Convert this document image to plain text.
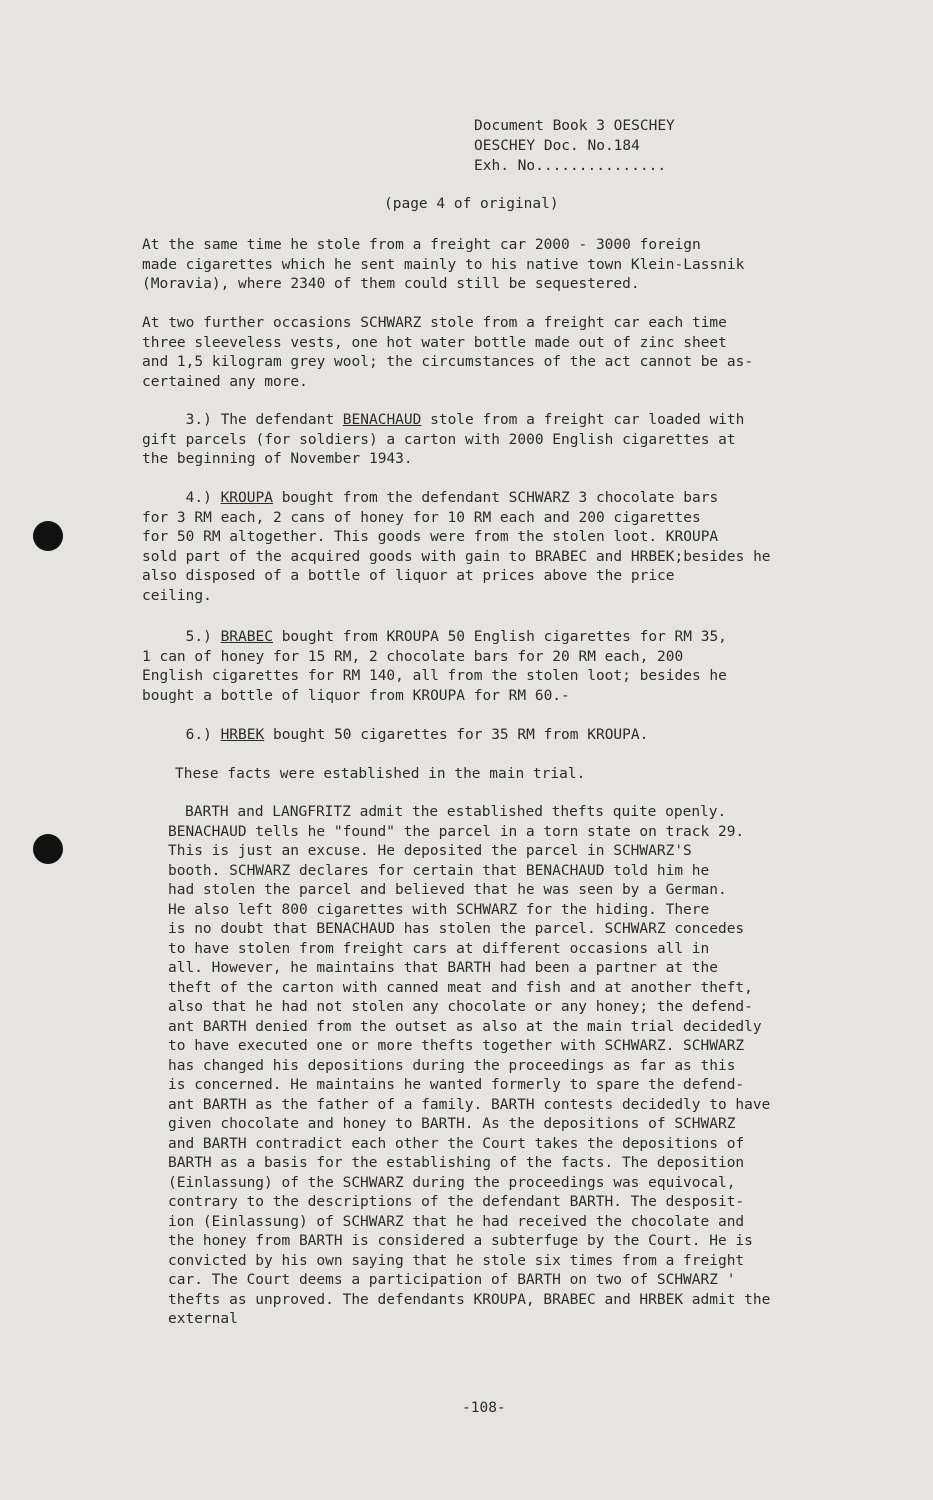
Document Book 3 OESCHEY
OESCHEY Doc. No.184
Exh. No...............
(page 4 of original)
At the same time he stole from a freight car 2000 - 3000 foreign
made cigarettes which he sent mainly to his native town Klein-Lassnik
(Moravia), where 2340 of them could still be sequestered.
At two further occasions SCHWARZ stole from a freight car each time
three sleeveless vests, one hot water bottle made out of zinc sheet
and 1,5 kilogram grey wool; the circumstances of the act cannot be as-
certained any more.
3.) The defendant BENACHAUD stole from a freight car loaded with
gift parcels (for soldiers) a carton with 2000 English cigarettes at
the beginning of November 1943.
4.) KROUPA bought from the defendant SCHWARZ 3 chocolate bars
for 3 RM each, 2 cans of honey for 10 RM each and 200 cigarettes
for 50 RM altogether. This goods were from the stolen loot. KROUPA
sold part of the acquired goods with gain to BRABEC and HRBEK;besides he
also disposed of a bottle of liquor at prices above the price
ceiling.
5.) BRABEC bought from KROUPA 50 English cigarettes for RM 35,
1 can of honey for 15 RM, 2 chocolate bars for 20 RM each, 200
English cigarettes for RM 140, all from the stolen loot; besides he
bought a bottle of liquor from KROUPA for RM 60.-
6.) HRBEK bought 50 cigarettes for 35 RM from KROUPA.
These facts were established in the main trial.
BARTH and LANGFRITZ admit the established thefts quite openly.
BENACHAUD tells he "found" the parcel in a torn state on track 29.
This is just an excuse. He deposited the parcel in SCHWARZ'S
booth. SCHWARZ declares for certain that BENACHAUD told him he
had stolen the parcel and believed that he was seen by a German.
He also left 800 cigarettes with SCHWARZ for the hiding. There
is no doubt that BENACHAUD has stolen the parcel. SCHWARZ concedes
to have stolen from freight cars at different occasions all in
all. However, he maintains that BARTH had been a partner at the
theft of the carton with canned meat and fish and at another theft,
also that he had not stolen any chocolate or any honey; the defend-
ant BARTH denied from the outset as also at the main trial decidedly
to have executed one or more thefts together with SCHWARZ. SCHWARZ
has changed his depositions during the proceedings as far as this
is concerned. He maintains he wanted formerly to spare the defend-
ant BARTH as the father of a family. BARTH contests decidedly to have
given chocolate and honey to BARTH. As the depositions of SCHWARZ
and BARTH contradict each other the Court takes the depositions of
BARTH as a basis for the establishing of the facts. The deposition
(Einlassung) of the SCHWARZ during the proceedings was equivocal,
contrary to the descriptions of the defendant BARTH. The desposit-
ion (Einlassung) of SCHWARZ that he had received the chocolate and
the honey from BARTH is considered a subterfuge by the Court. He is
convicted by his own saying that he stole six times from a freight
car. The Court deems a participation of BARTH on two of SCHWARZ '
thefts as unproved. The defendants KROUPA, BRABEC and HRBEK admit the
external
-108-
